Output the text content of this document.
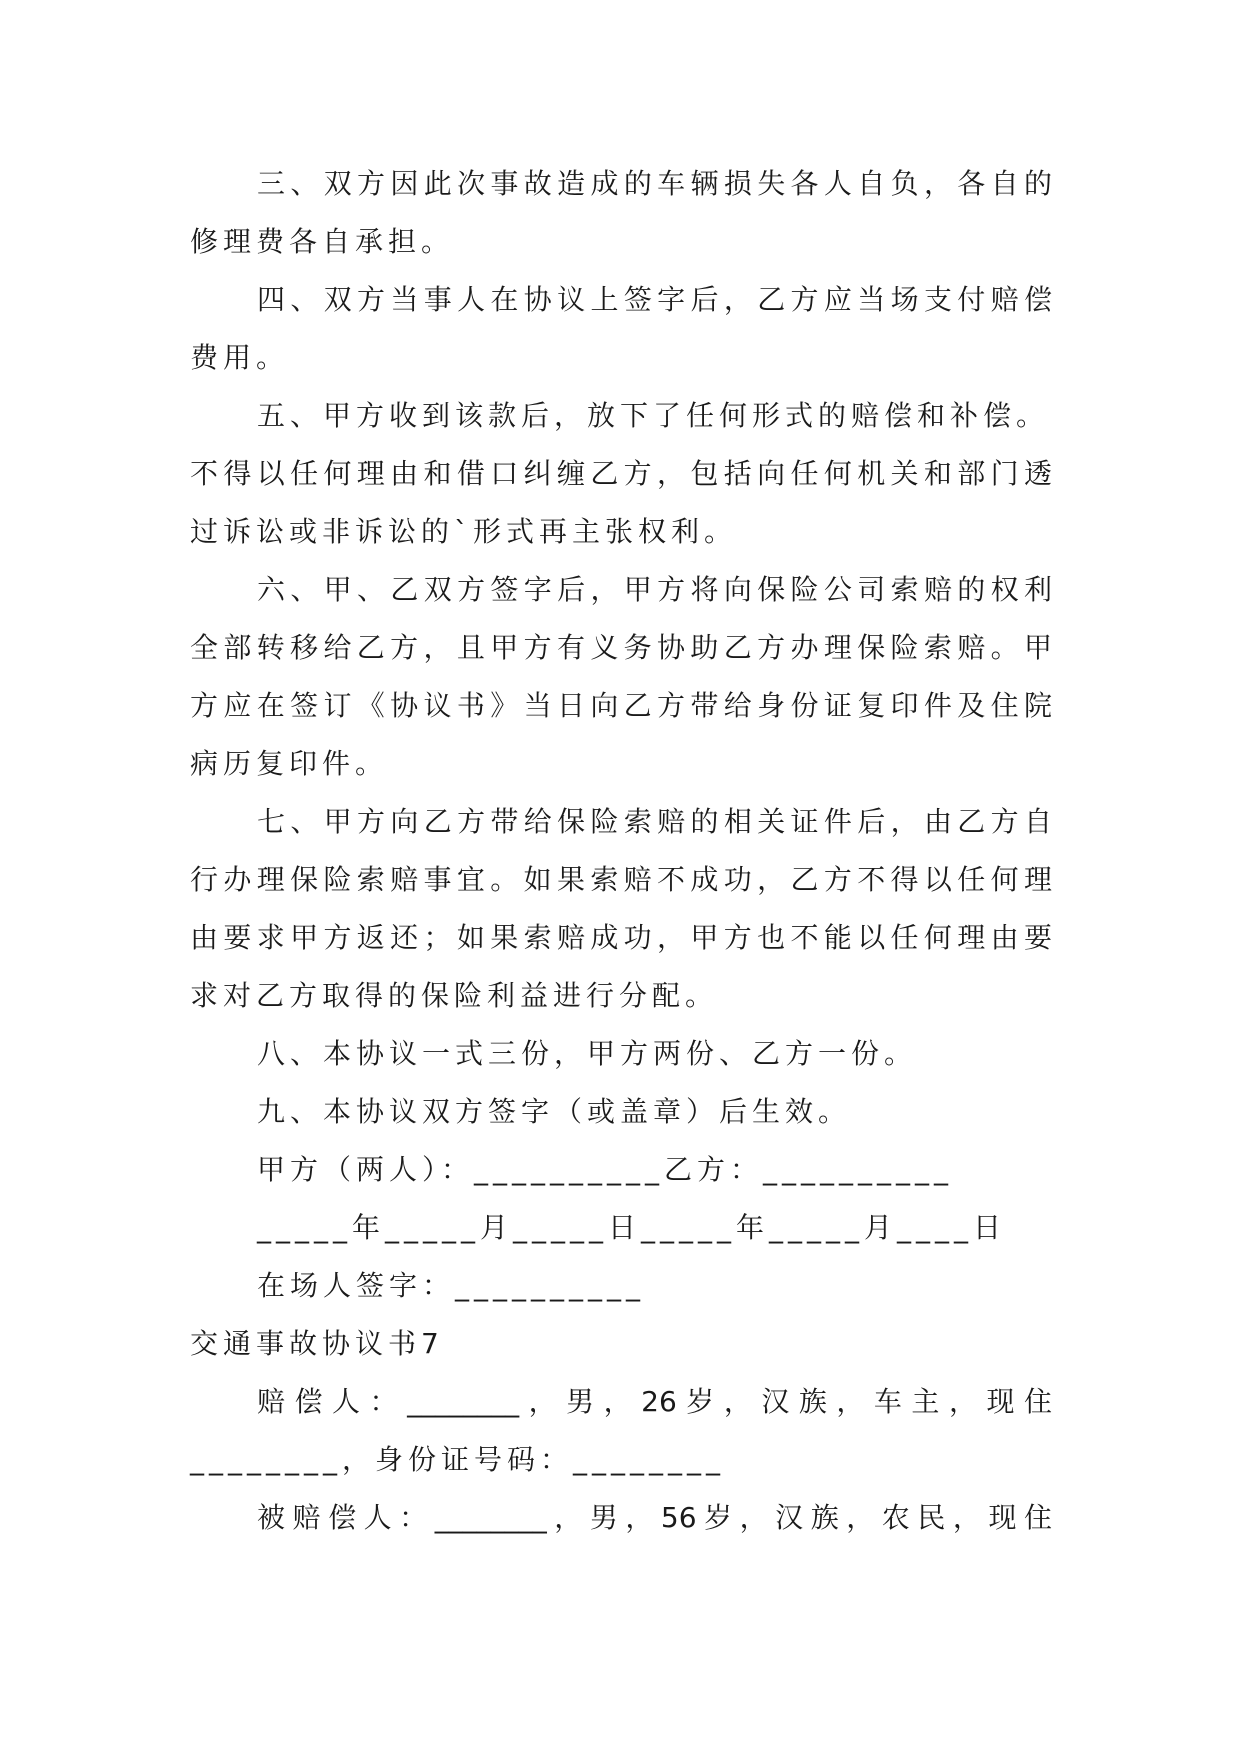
三、双方因此次事故造成的车辆损失各人自负，各自的
修理费各自承担。
四、双方当事人在协议上签字后，乙方应当场支付赔偿
费用。
五、甲方收到该款后，放下了任何形式的赔偿和补偿。
不得以任何理由和借口纠缠乙方，包括向任何机关和部门透
过诉讼或非诉讼的`形式再主张权利。
六、甲、乙双方签字后，甲方将向保险公司索赔的权利
全部转移给乙方，且甲方有义务协助乙方办理保险索赔。甲
方应在签订《协议书》当日向乙方带给身份证复印件及住院
病历复印件。
七、甲方向乙方带给保险索赔的相关证件后，由乙方自
行办理保险索赔事宜。如果索赔不成功，乙方不得以任何理
由要求甲方返还；如果索赔成功，甲方也不能以任何理由要
求对乙方取得的保险利益进行分配。
八、本协议一式三份，甲方两份、乙方一份。
九、本协议双方签字（或盖章）后生效。
甲方（两人）：__________乙方：__________
_____年_____月_____日_____年_____月____日
在场人签字：__________
交通事故协议书7
赔偿人：________，男，26岁，汉族，车主，现住
________，身份证号码：________
被赔偿人：________，男，56岁，汉族，农民，现住
